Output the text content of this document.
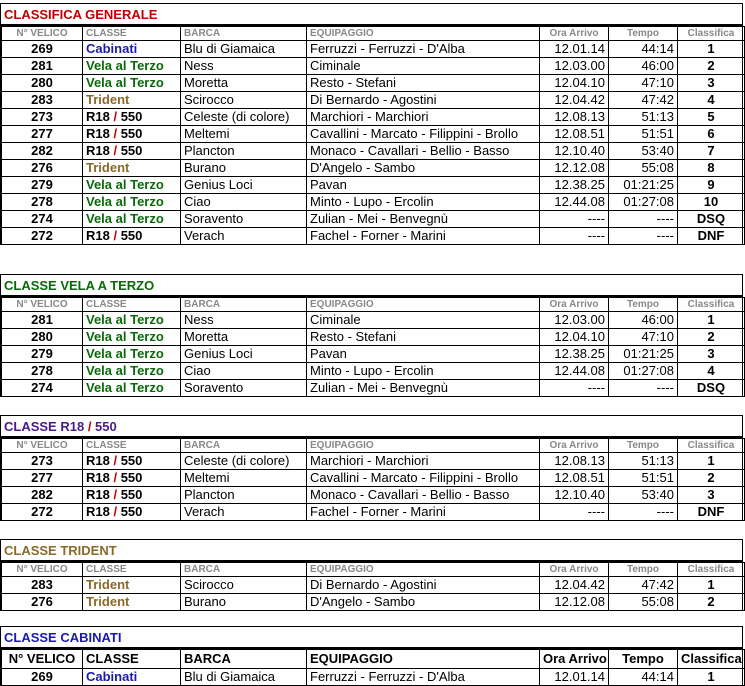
CLASSIFICA GENERALE
N° VELICO	CLASSE	BARCA	EQUIPAGGIO	Ora Arrivo	Tempo	Classifica
269	Cabinati	Blu di Giamaica	Ferruzzi - Ferruzzi - D'Alba	12.01.14	44:14	1
281	Vela al Terzo	Ness	Ciminale	12.03.00	46:00	2
280	Vela al Terzo	Moretta	Resto - Stefani	12.04.10	47:10	3
283	Trident	Scirocco	Di Bernardo - Agostini	12.04.42	47:42	4
273	R18 / 550	Celeste (di colore)	Marchiori - Marchiori	12.08.13	51:13	5
277	R18 / 550	Meltemi	Cavallini - Marcato - Filippini - Brollo	12.08.51	51:51	6
282	R18 / 550	Plancton	Monaco - Cavallari - Bellio - Basso	12.10.40	53:40	7
276	Trident	Burano	D'Angelo - Sambo	12.12.08	55:08	8
279	Vela al Terzo	Genius Loci	Pavan	12.38.25	01:21:25	9
278	Vela al Terzo	Ciao	Minto - Lupo - Ercolin	12.44.08	01:27:08	10
274	Vela al Terzo	Soravento	Zulian - Mei - Benvegnù	----	----	DSQ
272	R18 / 550	Verach	Fachel - Forner - Marini	----	----	DNF
CLASSE VELA A TERZO
N° VELICO	CLASSE	BARCA	EQUIPAGGIO	Ora Arrivo	Tempo	Classifica
281	Vela al Terzo	Ness	Ciminale	12.03.00	46:00	1
280	Vela al Terzo	Moretta	Resto - Stefani	12.04.10	47:10	2
279	Vela al Terzo	Genius Loci	Pavan	12.38.25	01:21:25	3
278	Vela al Terzo	Ciao	Minto - Lupo - Ercolin	12.44.08	01:27:08	4
274	Vela al Terzo	Soravento	Zulian - Mei - Benvegnù	----	----	DSQ
CLASSE R18 / 550
N° VELICO	CLASSE	BARCA	EQUIPAGGIO	Ora Arrivo	Tempo	Classifica
273	R18 / 550	Celeste (di colore)	Marchiori - Marchiori	12.08.13	51:13	1
277	R18 / 550	Meltemi	Cavallini - Marcato - Filippini - Brollo	12.08.51	51:51	2
282	R18 / 550	Plancton	Monaco - Cavallari - Bellio - Basso	12.10.40	53:40	3
272	R18 / 550	Verach	Fachel - Forner - Marini	----	----	DNF
CLASSE TRIDENT
N° VELICO	CLASSE	BARCA	EQUIPAGGIO	Ora Arrivo	Tempo	Classifica
283	Trident	Scirocco	Di Bernardo - Agostini	12.04.42	47:42	1
276	Trident	Burano	D'Angelo - Sambo	12.12.08	55:08	2
CLASSE CABINATI
N° VELICO	CLASSE	BARCA	EQUIPAGGIO	Ora Arrivo	Tempo	Classifica
269	Cabinati	Blu di Giamaica	Ferruzzi - Ferruzzi - D'Alba	12.01.14	44:14	1
